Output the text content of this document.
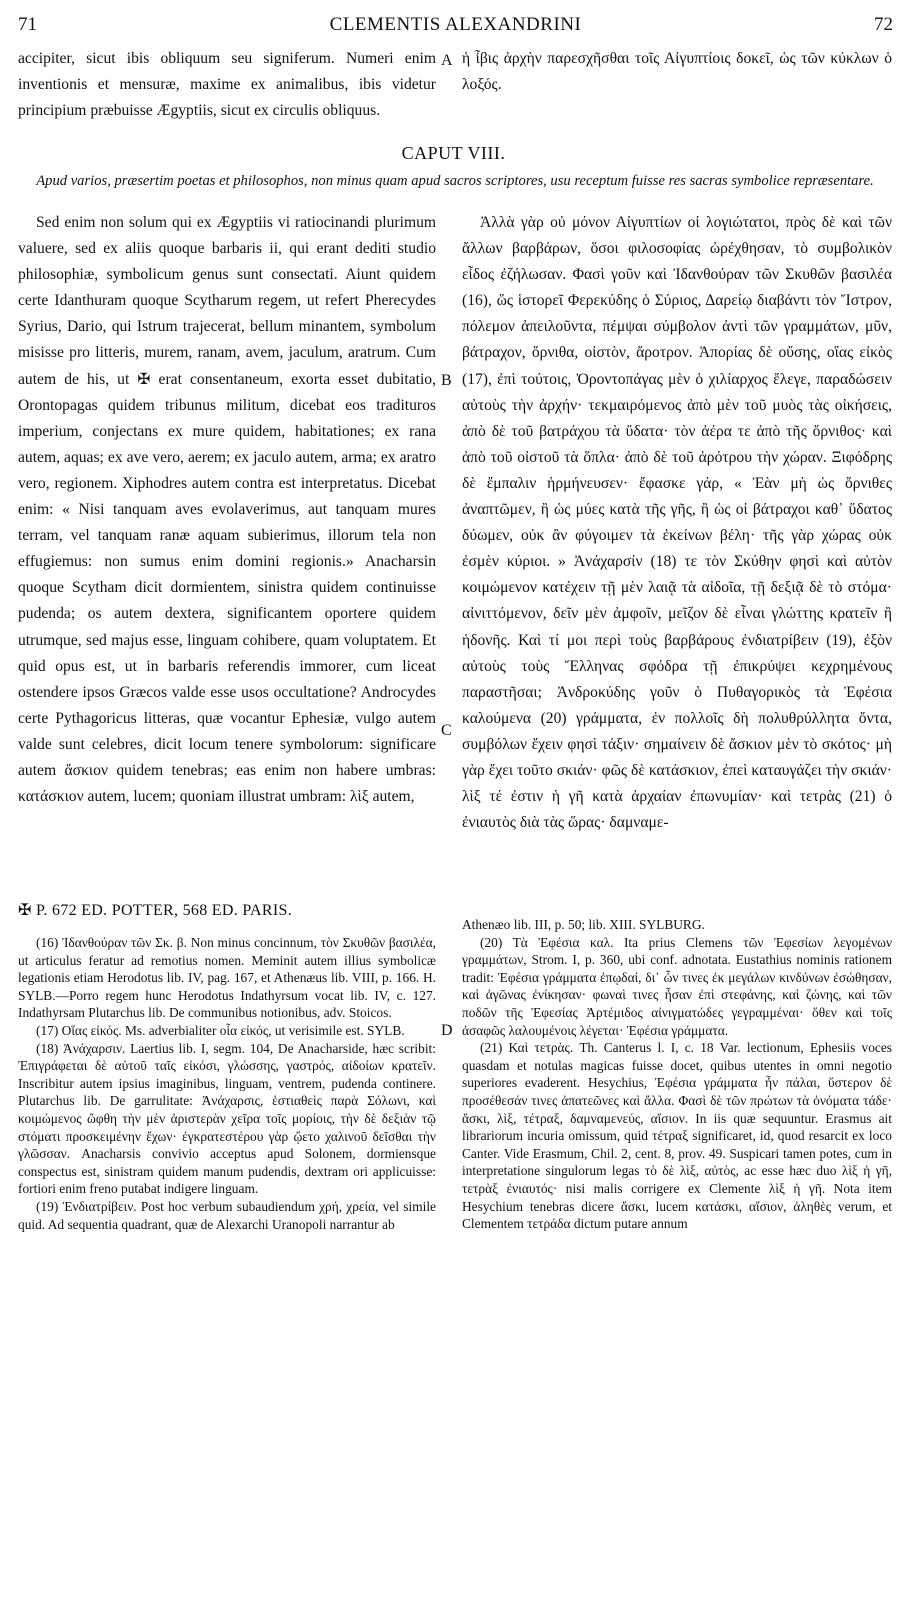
71	CLEMENTIS ALEXANDRINI	72

accipiter, sicut ibis obliquum seu signiferum. Numeri enim inventionis et mensuræ, maxime ex animalibus, ibis videtur principium præbuisse Ægyptiis, sicut ex circulis obliquus.

ἡ ἶβις ἀρχὴν παρεσχῆσθαι τοῖς Αἰγυπτίοις δοκεῖ, ὡς τῶν κύκλων ὁ λοξός.

CAPUT VIII.
Apud varios, præsertim poetas et philosophos, non minus quam apud sacros scriptores, usu receptum fuisse res sacras symbolice repræsentare.

Sed enim non solum qui ex Ægyptiis vi ratiocinandi plurimum valuere, sed ex aliis quoque barbaris ii, qui erant dediti studio philosophiæ, symbolicum genus sunt consectati. Aiunt quidem certe Idanthuram quoque Scytharum regem, ut refert Pherecydes Syrius, Dario, qui Istrum trajecerat, bellum minantem, symbolum misisse pro litteris, murem, ranam, avem, jaculum, aratrum. Cum autem de his, ut ✠ erat consentaneum, exorta esset dubitatio, Orontopagas quidem tribunus militum, dicebat eos tradituros imperium, conjectans ex mure quidem, habitationes; ex rana autem, aquas; ex ave vero, aerem; ex jaculo autem, arma; ex aratro vero, regionem. Xiphodres autem contra est interpretatus. Dicebat enim: « Nisi tanquam aves evolaverimus, aut tanquam mures terram, vel tanquam ranæ aquam subierimus, illorum tela non effugiemus: non sumus enim domini regionis.» Anacharsin quoque Scytham dicit dormientem, sinistra quidem continuisse pudenda; os autem dextera, significantem oportere quidem utrumque, sed majus esse, linguam cohibere, quam voluptatem. Et quid opus est, ut in barbaris referendis immorer, cum liceat ostendere ipsos Græcos valde esse usos occultatione? Androcydes certe Pythagoricus litteras, quæ vocantur Ephesiæ, vulgo autem valde sunt celebres, dicit locum tenere symbolorum: significare autem ἄσκιον quidem tenebras; eas enim non habere umbras: κατάσκιον autem, lucem; quoniam illustrat umbram: λὶξ autem,

Ἀλλὰ γὰρ οὐ μόνον Αἰγυπτίων οἱ λογιώτατοι, πρὸς δὲ καὶ τῶν ἄλλων βαρβάρων, ὅσοι φιλοσοφίας ὠρέχθησαν, τὸ συμβολικὸν εἶδος ἐζήλωσαν. Φασὶ γοῦν καὶ Ἰδανθούραν τῶν Σκυθῶν βασιλέα (16), ὥς ἱστορεῖ Φερεκύδης ὁ Σύριος, Δαρείῳ διαβάντι τὸν Ἴστρον, πόλεμον ἀπειλοῦντα, πέμψαι σύμβολον ἀντὶ τῶν γραμμάτων, μῦν, βάτραχον, ὄρνιθα, οἰστὸν, ἄροτρον. Ἀπορίας δὲ οὔσης, οἵας εἰκὸς (17), ἐπὶ τούτοις, Ὀροντοπάγας μὲν ὁ χιλίαρχος ἔλεγε, παραδώσειν αὐτοὺς τὴν ἀρχήν· τεκμαιρόμενος ἀπὸ μὲν τοῦ μυὸς τὰς οἰκήσεις, ἀπὸ δὲ τοῦ βατράχου τὰ ὕδατα· τὸν ἀέρα τε ἀπὸ τῆς ὄρνιθος· καὶ ἀπὸ τοῦ οἰστοῦ τὰ ὅπλα· ἀπὸ δὲ τοῦ ἀρότρου τὴν χώραν. Ξιφόδρης δὲ ἔμπαλιν ἡρμήνευσεν· ἔφασκε γάρ, « Ἐὰν μὴ ὡς ὄρνιθες ἀναπτῶμεν, ἢ ὡς μύες κατὰ τῆς γῆς, ἢ ὡς οἱ βάτραχοι καθ᾽ ὕδατος δύωμεν, οὐκ ἂν φύγοιμεν τὰ ἐκείνων βέλη· τῆς γὰρ χώρας οὐκ ἐσμὲν κύριοι. » Ἀνάχαρσίν (18) τε τὸν Σκύθην φησὶ καὶ αὐτὸν κοιμώμενον κατέχειν τῇ μὲν λαιᾷ τὰ αἰδοῖα, τῇ δεξιᾷ δὲ τὸ στόμα· αἰνιττόμενον, δεῖν μὲν ἀμφοῖν, μεῖζον δὲ εἶναι γλώττης κρατεῖν ἢ ἡδονῆς. Καὶ τί μοι περὶ τοὺς βαρβάρους ἐνδιατρίβειν (19), ἐξὸν αὐτοὺς τοὺς Ἕλληνας σφόδρα τῇ ἐπικρύψει κεχρημένους παραστῆσαι; Ἀνδροκύδης γοῦν ὁ Πυθαγορικὸς τὰ Ἐφέσια καλούμενα (20) γράμματα, ἐν πολλοῖς δὴ πολυθρύλλητα ὄντα, συμβόλων ἔχειν φησὶ τάξιν· σημαίνειν δὲ ἄσκιον μὲν τὸ σκότος· μὴ γὰρ ἔχει τοῦτο σκιάν· φῶς δὲ κατάσκιον, ἐπεὶ καταυγάζει τὴν σκιάν· λὶξ τέ ἐστιν ἡ γῆ κατὰ ἀρχαίαν ἐπωνυμίαν· καὶ τετρὰς (21) ὁ ἐνιαυτὸς διὰ τὰς ὥρας· δαμναμε-

A
B
C
D
✠ P. 672 ED. POTTER, 568 ED. PARIS.

(16) Ἰδανθούραν τῶν Σκ. β. Non minus concinnum, τὸν Σκυθῶν βασιλέα, ut articulus feratur ad remotius nomen. Meminit autem illius symbolicæ legationis etiam Herodotus lib. IV, pag. 167, et Athenæus lib. VIII, p. 166. H. SYLB.—Porro regem hunc Herodotus Indathyrsum vocat lib. IV, c. 127. Indathyrsam Plutarchus lib. De communibus notionibus, adv. Stoicos.

(17) Οἵας εἰκός. Ms. adverbialiter οἷα εἰκός, ut verisimile est. SYLB.

(18) Ἀνάχαρσιν. Laertius lib. I, segm. 104, De Anacharside, hæc scribit: Ἐπιγράφεται δὲ αὐτοῦ ταῖς εἰκόσι, γλώσσης, γαστρός, αἰδοίων κρατεῖν. Inscribitur autem ipsius imaginibus, linguam, ventrem, pudenda continere. Plutarchus lib. De garrulitate: Ἀνάχαρσις, ἑστιαθεὶς παρὰ Σόλωνι, καὶ κοιμώμενος ὤφθη τὴν μὲν ἀριστερὰν χεῖρα τοῖς μορίοις, τὴν δὲ δεξιὰν τῷ στόματι προσκειμένην ἔχων· ἐγκρατεστέρου γὰρ ᾤετο χαλινοῦ δεῖσθαι τὴν γλῶσσαν. Anacharsis convivio acceptus apud Solonem, dormiensque conspectus est, sinistram quidem manum pudendis, dextram ori applicuisse: fortiori enim freno putabat indigere linguam.

(19) Ἐνδιατρίβειν. Post hoc verbum subaudiendum χρή, χρεία, vel simile quid. Ad sequentia quadrant, quæ de Alexarchi Uranopoli narrantur ab

Athenæo lib. III, p. 50; lib. XIII. SYLBURG.

(20) Τὰ Ἐφέσια καλ. Ita prius Clemens τῶν Ἐφεσίων λεγομένων γραμμάτων, Strom. I, p. 360, ubi conf. adnotata. Eustathius nominis rationem tradit: Ἐφέσια γράμματα ἐπῳδαί, δι᾽ ὧν τινες ἐκ μεγάλων κινδύνων ἐσώθησαν, καὶ ἀγῶνας ἐνίκησαν· φωναὶ τινες ἦσαν ἐπὶ στεφάνης, καὶ ζώνης, καὶ τῶν ποδῶν τῆς Ἐφεσίας Ἀρτέμιδος αἰνιγματώδες γεγραμμέναι· ὅθεν καὶ τοῖς ἀσαφῶς λαλουμένοις λέγεται· Ἐφέσια γράμματα.

(21) Καὶ τετρὰς. Th. Canterus l. I, c. 18 Var. lectionum, Ephesiis voces quasdam et notulas magicas fuisse docet, quibus utentes in omni negotio superiores evaderent. Hesychius, Ἐφέσια γράμματα ἦν πάλαι, ὕστερον δὲ προσέθεσάν τινες ἀπατεῶνες καὶ ἄλλα. Φασὶ δὲ τῶν πρώτων τὰ ὀνόματα τάδε· ἄσκι, λὶξ, τέτραξ, δαμναμενεύς, αἴσιον. In iis quæ sequuntur. Erasmus ait librariorum incuria omissum, quid τέτραξ significaret, id, quod resarcit ex loco Canter. Vide Erasmum, Chil. 2, cent. 8, prov. 49. Suspicari tamen potes, cum in interpretatione singulorum legas τὸ δὲ λὶξ, αὐτὸς, ac esse hæc duo λὶξ ἡ γῆ, τετρὰξ ἐνιαυτός· nisi malis corrigere ex Clemente λὶξ ἡ γῆ. Nota item Hesychium tenebras dicere ἄσκι, lucem κατάσκι, αἴσιον, ἀληθὲς verum, et Clementem τετράδα dictum putare annum
